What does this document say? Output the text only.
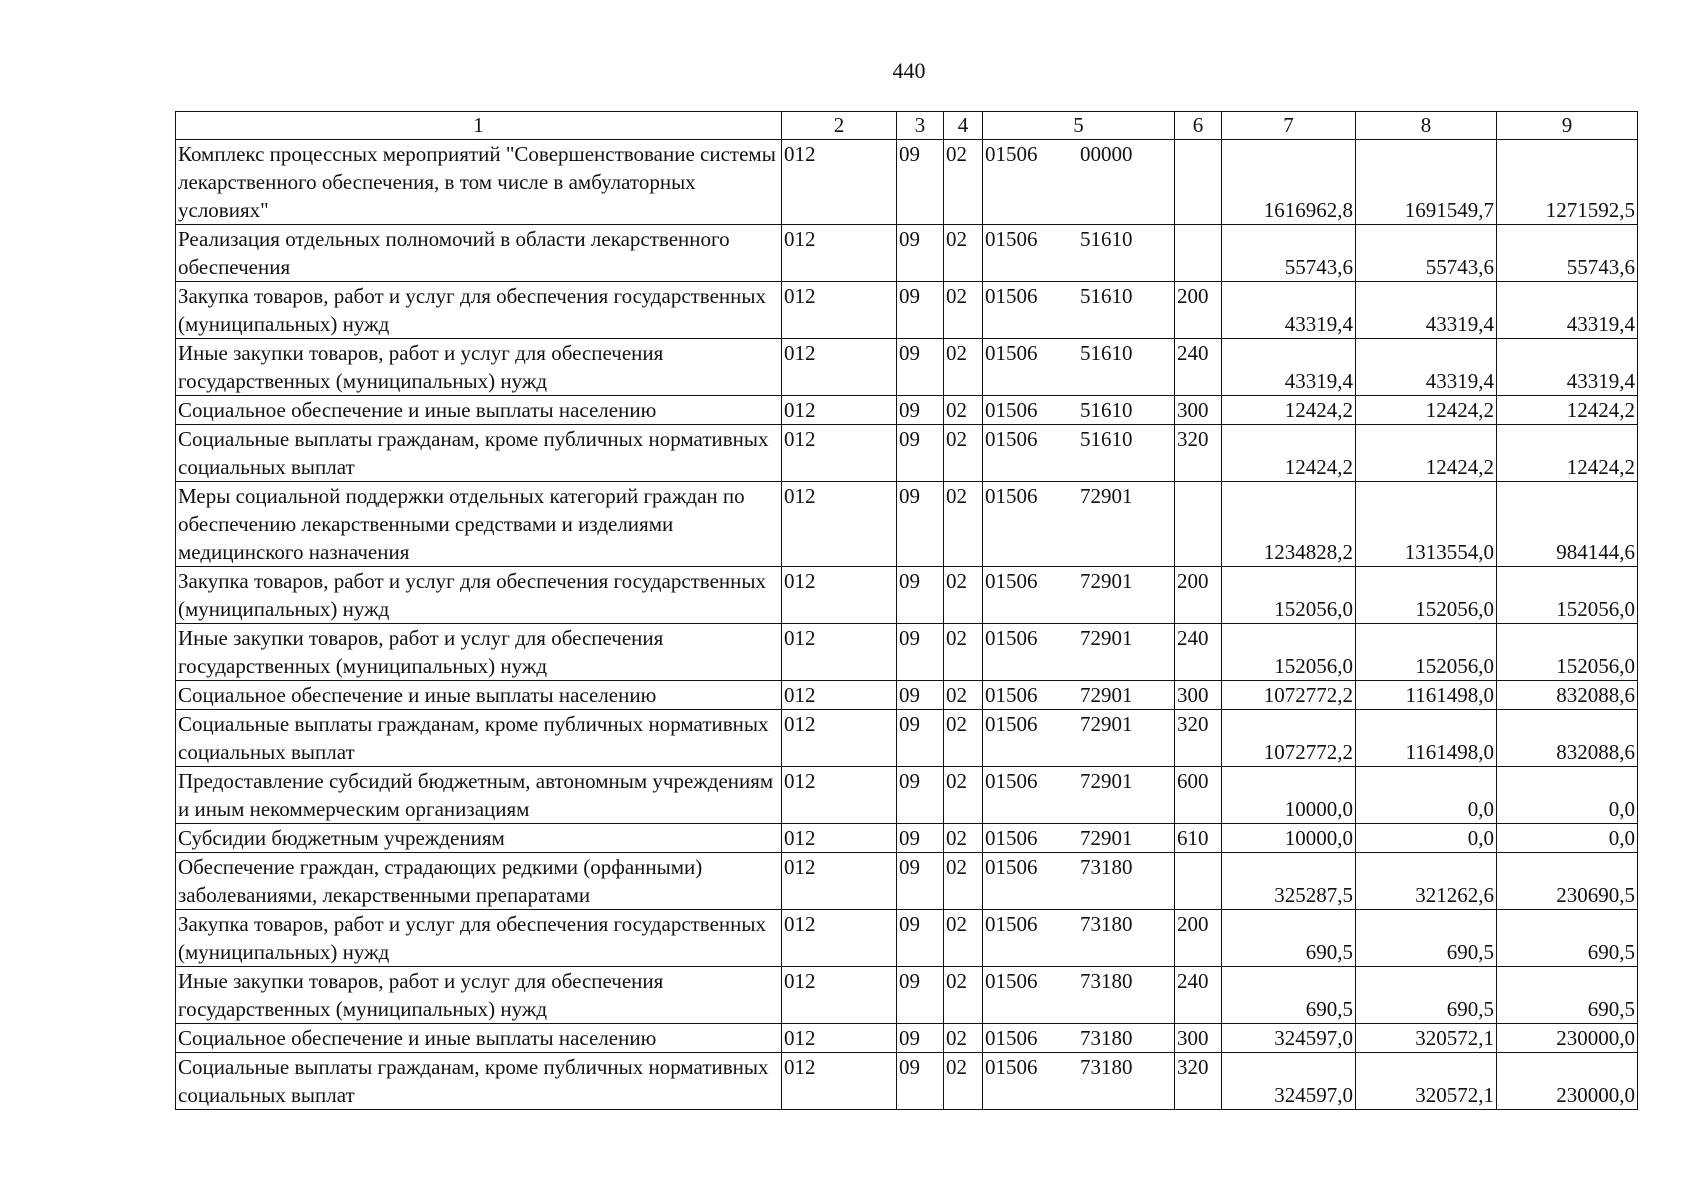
440
1	2	3	4	5	6	7	8	9
Комплекс процессных мероприятий "Совершенствование системы лекарственного обеспечения, в том числе в амбулаторных условиях"	012	09	02	01506 00000		1616962,8	1691549,7	1271592,5
Реализация отдельных полномочий в области лекарственного обеспечения	012	09	02	01506 51610		55743,6	55743,6	55743,6
Закупка товаров, работ и услуг для обеспечения государственных (муниципальных) нужд	012	09	02	01506 51610	200	43319,4	43319,4	43319,4
Иные закупки товаров, работ и услуг для обеспечения государственных (муниципальных) нужд	012	09	02	01506 51610	240	43319,4	43319,4	43319,4
Социальное обеспечение и иные выплаты населению	012	09	02	01506 51610	300	12424,2	12424,2	12424,2
Социальные выплаты гражданам, кроме публичных нормативных социальных выплат	012	09	02	01506 51610	320	12424,2	12424,2	12424,2
Меры социальной поддержки отдельных категорий граждан по обеспечению лекарственными средствами и изделиями медицинского назначения	012	09	02	01506 72901		1234828,2	1313554,0	984144,6
Закупка товаров, работ и услуг для обеспечения государственных (муниципальных) нужд	012	09	02	01506 72901	200	152056,0	152056,0	152056,0
Иные закупки товаров, работ и услуг для обеспечения государственных (муниципальных) нужд	012	09	02	01506 72901	240	152056,0	152056,0	152056,0
Социальное обеспечение и иные выплаты населению	012	09	02	01506 72901	300	1072772,2	1161498,0	832088,6
Социальные выплаты гражданам, кроме публичных нормативных социальных выплат	012	09	02	01506 72901	320	1072772,2	1161498,0	832088,6
Предоставление субсидий бюджетным, автономным учреждениям и иным некоммерческим организациям	012	09	02	01506 72901	600	10000,0	0,0	0,0
Субсидии бюджетным учреждениям	012	09	02	01506 72901	610	10000,0	0,0	0,0
Обеспечение граждан, страдающих редкими (орфанными) заболеваниями, лекарственными препаратами	012	09	02	01506 73180		325287,5	321262,6	230690,5
Закупка товаров, работ и услуг для обеспечения государственных (муниципальных) нужд	012	09	02	01506 73180	200	690,5	690,5	690,5
Иные закупки товаров, работ и услуг для обеспечения государственных (муниципальных) нужд	012	09	02	01506 73180	240	690,5	690,5	690,5
Социальное обеспечение и иные выплаты населению	012	09	02	01506 73180	300	324597,0	320572,1	230000,0
Социальные выплаты гражданам, кроме публичных нормативных социальных выплат	012	09	02	01506 73180	320	324597,0	320572,1	230000,0
